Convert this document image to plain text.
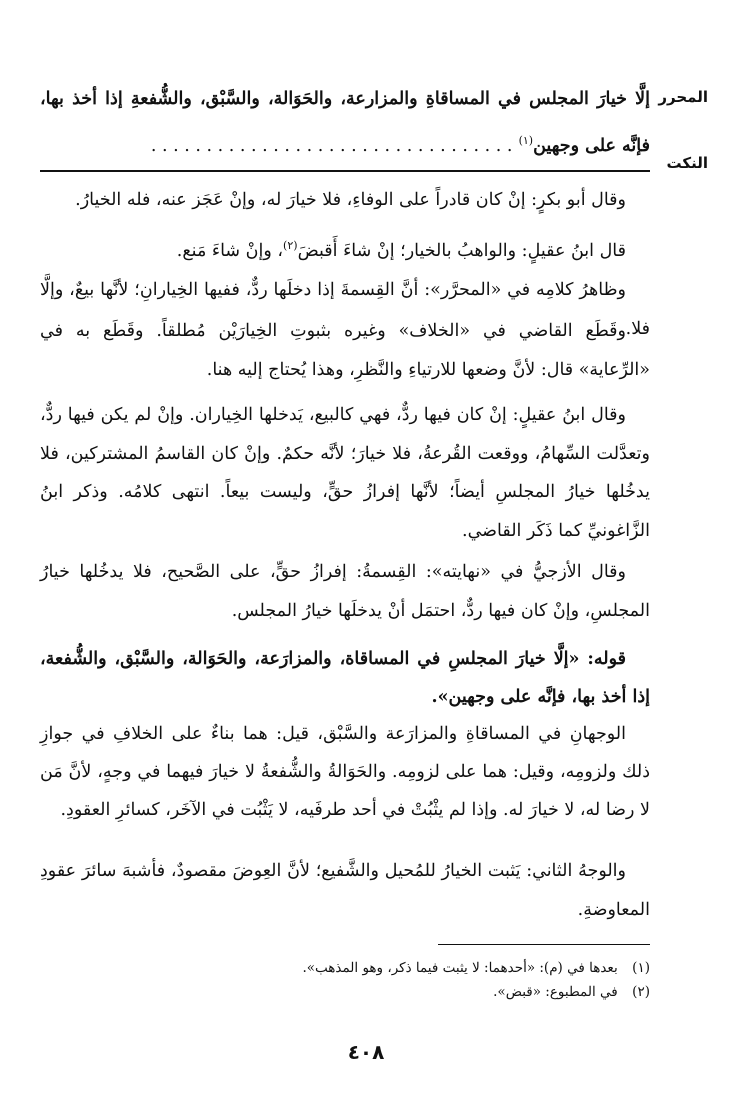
المحرر
النكت
إلَّا خيارَ المجلس في المساقاةِ والمزارعة، والحَوَالة، والسَّبْق، والشُّفعةِ إذا أخذ بها، فإنَّه على وجهين$^{(١)}$ . . . . . . . . . . . . . . . . . . . . . . . . . . . . . . . . .
وقال أبو بكرٍ: إنْ كان قادراً على الوفاءِ، فلا خيارَ له، وإنْ عَجَز عنه، فله الخيارُ.
قال ابنُ عقيلٍ: والواهبُ بالخيار؛ إنْ شاءَ أَقبضَ$^{(٢)}$، وإنْ شاءَ مَنع.
وظاهرُ كلامِه في «المحرَّر»: أنَّ القِسمةَ إذا دخلَها ردٌّ، ففيها الخِيارانِ؛ لأنَّها بيعٌ، وإلَّا فلا.
وقَطَع القاضي في «الخلاف» وغيره بثبوتِ الخِيارَيْن مُطلقاً. وقَطَع به في «الرِّعاية» قال: لأنَّ وضعها للارتياءِ والنَّظرِ، وهذا يُحتاج إليه هنا.
وقال ابنُ عقيلٍ: إنْ كان فيها ردٌّ، فهي كالبيع، يَدخلها الخِياران. وإنْ لم يكن فيها ردٌّ، وتعدَّلت السِّهامُ، ووقعت القُرعةُ، فلا خيارَ؛ لأنَّه حكمٌ. وإنْ كان القاسمُ المشتركين، فلا يدخُلها خيارُ المجلسِ أيضاً؛ لأنَّها إفرازُ حقٍّ، وليست بيعاً. انتهى كلامُه. وذكر ابنُ الزَّاغونيِّ كما ذَكَر القاضي.
وقال الأزجيُّ في «نهايته»: القِسمةُ: إفرازُ حقٍّ، على الصَّحيح، فلا يدخُلها خيارُ المجلسِ، وإنْ كان فيها ردٌّ، احتمَل أنْ يدخلَها خيارُ المجلس.
قوله: «إلَّا خيارَ المجلسِ في المساقاة، والمزارَعة، والحَوَالة، والسَّبْق، والشُّفعة، إذا أخذ بها، فإنَّه على وجهين».
الوجهانِ في المساقاةِ والمزارَعة والسَّبْق، قيل: هما بناءٌ على الخلافِ في جوازِ ذلك ولزومِه، وقيل: هما على لزومِه. والحَوَالةُ والشُّفعةُ لا خيارَ فيهما في وجهٍ، لأنَّ مَن لا رضا له، لا خيارَ له. وإذا لم يثْبُتْ في أحد طرفَيه، لا يَثْبُت في الآخَر، كسائرِ العقودِ.
والوجهُ الثاني: يَثبت الخيارُ للمُحيل والشَّفيع؛ لأنَّ العِوضَ مقصودٌ، فأشبهَ سائرَ عقودِ المعاوضةِ.
(١) بعدها في (م): «أحدهما: لا يثبت فيما ذكر، وهو المذهب».
(٢) في المطبوع: «قبض».
٤٠٨
